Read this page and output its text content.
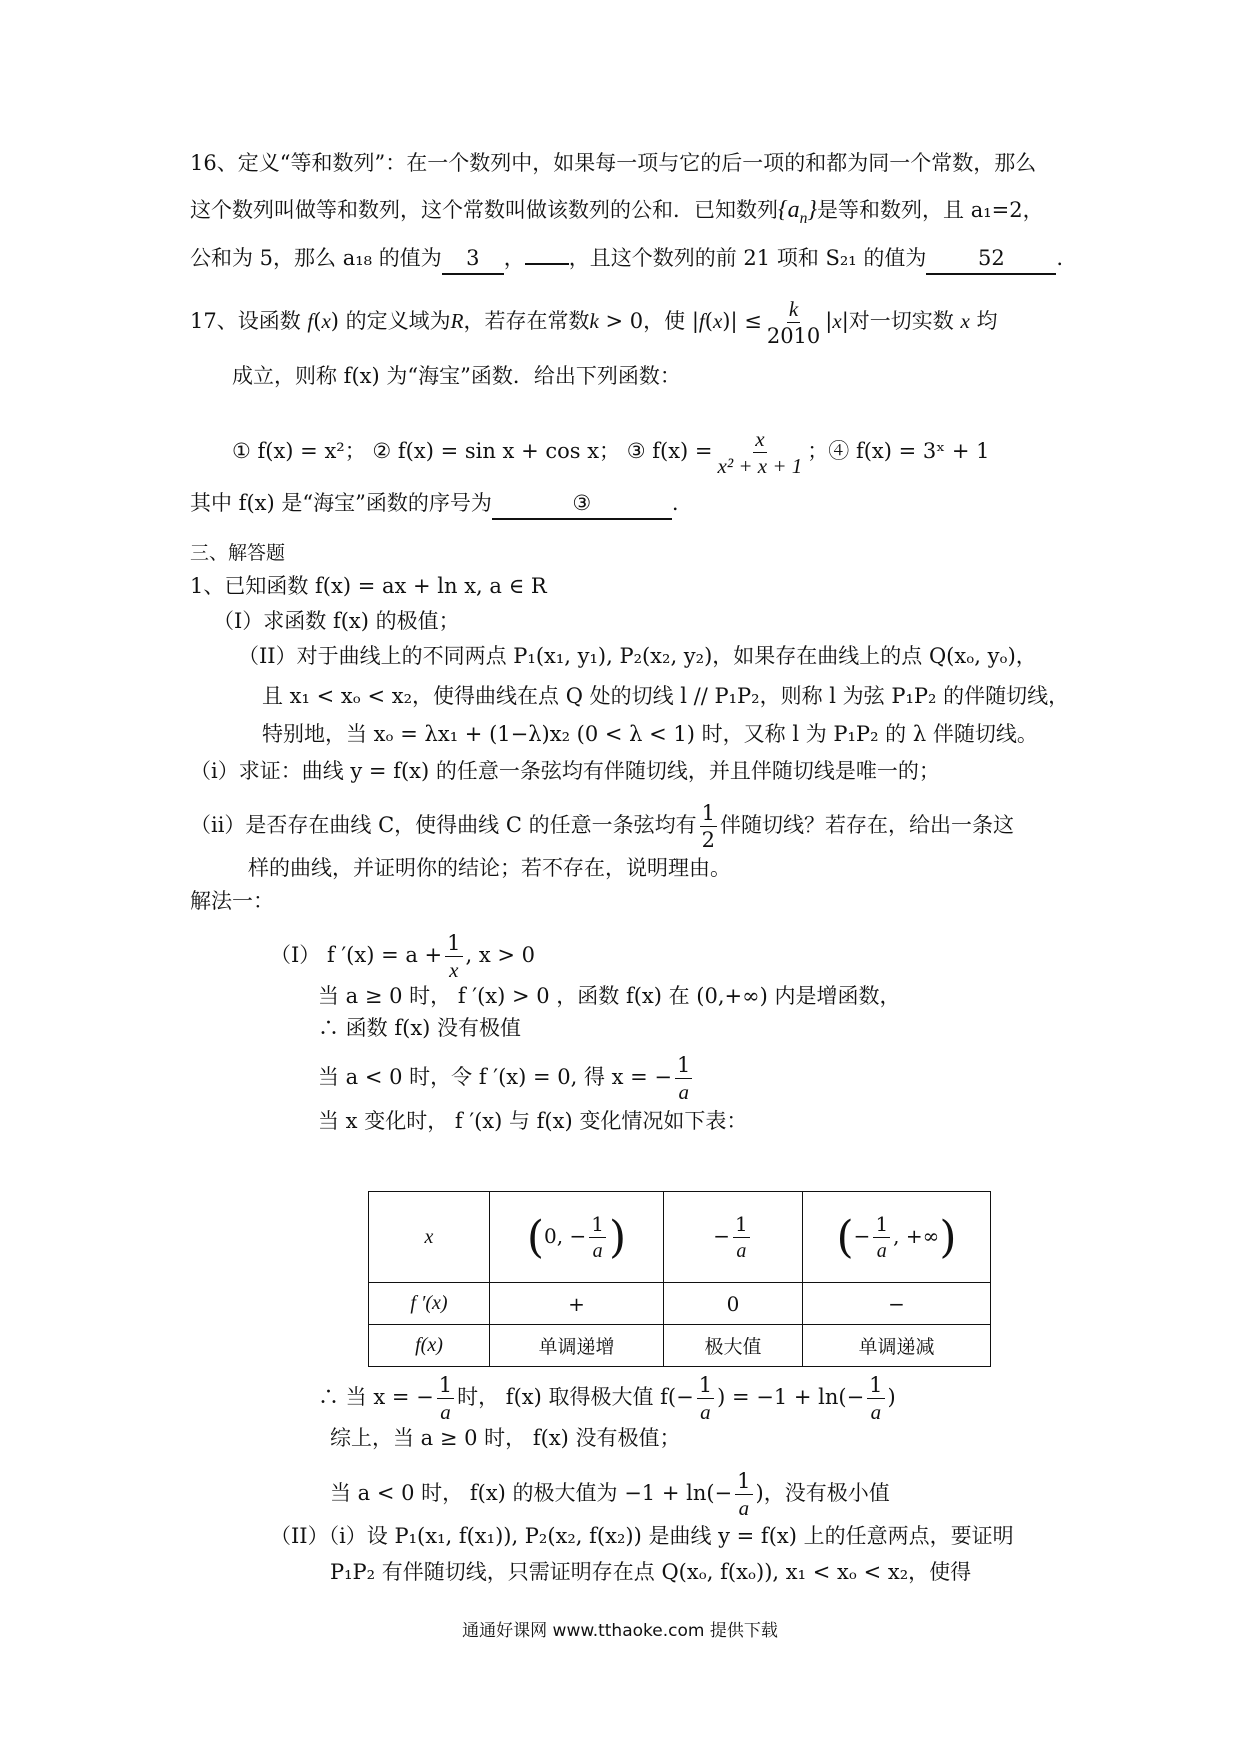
16、定义“等和数列”：在一个数列中，如果每一项与它的后一项的和都为同一个常数，那么
这个数列叫做等和数列，这个常数叫做该数列的公和．已知数列$\{a_n\}$是等和数列，且 a₁=2，
公和为 5，那么 a₁₈ 的值为 3 ， ，且这个数列的前 21 项和 S₂₁ 的值为 52 .
17、设函数 f(x) 的定义域为R，若存在常数k > 0，使 $|f(x)| \le \frac{k}{2010} |x|$对一切实数 x 均
成立，则称 f(x) 为“海宝”函数．给出下列函数：
① f(x) = x²； ② f(x) = sin x + cos x； ③ $f(x) = \frac{x}{\text{x² + x + 1}}$ ；④ f(x) = 3ˣ + 1
其中 f(x) 是“海宝”函数的序号为	③	.
三、解答题
1、已知函数 f(x) = ax + ln x, a ∈ R
（I）求函数 f(x) 的极值；
（II）对于曲线上的不同两点 P₁(x₁, y₁), P₂(x₂, y₂)，如果存在曲线上的点 Q(xₒ, yₒ)，
且 x₁ < xₒ < x₂，使得曲线在点 Q 处的切线 l // P₁P₂，则称 l 为弦 P₁P₂ 的伴随切线，
特别地，当 xₒ = λx₁ + (1−λ)x₂ (0 < λ < 1) 时，又称 l 为 P₁P₂ 的 λ 伴随切线。
（i）求证：曲线 y = f(x) 的任意一条弦均有伴随切线，并且伴随切线是唯一的；
（ii）是否存在曲线 C，使得曲线 C 的任意一条弦均有 $\frac{1}{2}$ 伴随切线？若存在，给出一条这
样的曲线，并证明你的结论；若不存在，说明理由。
解法一：
（I） f $'(x) = a + \frac{1}{x}$ , x > 0
当 a ≥ 0 时， f ′(x) > 0 ，函数 f(x) 在 (0,+∞) 内是增函数，
∴ 函数 f(x) 没有极值
当 a < 0 时，令 f ′(x) = 0, 得 x = − $\frac{1}{a}$
当 x 变化时， f ′(x) 与 f(x) 变化情况如下表：
x	(0, − $\frac{1}{a}$ )	− $\frac{1}{a}$	(− $\frac{1}{a}$ , +∞)
f ′(x)	+	0	−
f(x)	单调递增	极大值	单调递减
∴ 当 x = − $\frac{1}{a}$ 时， f(x) 取得极大值 $f(- \frac{1}{a}$ ) = $-1 + \ln(- \frac{1}{a}$ )
综上，当 a ≥ 0 时， f(x) 没有极值；
当 a < 0 时， f(x) 的极大值为 $-1 + \ln(- \frac{1}{a}$ )，没有极小值
（II）（i）设 P₁(x₁, f(x₁)), P₂(x₂, f(x₂)) 是曲线 y = f(x) 上的任意两点，要证明
P₁P₂ 有伴随切线，只需证明存在点 Q(xₒ, f(xₒ)), x₁ < xₒ < x₂，使得
通通好课网 www.tthaoke.com 提供下载
